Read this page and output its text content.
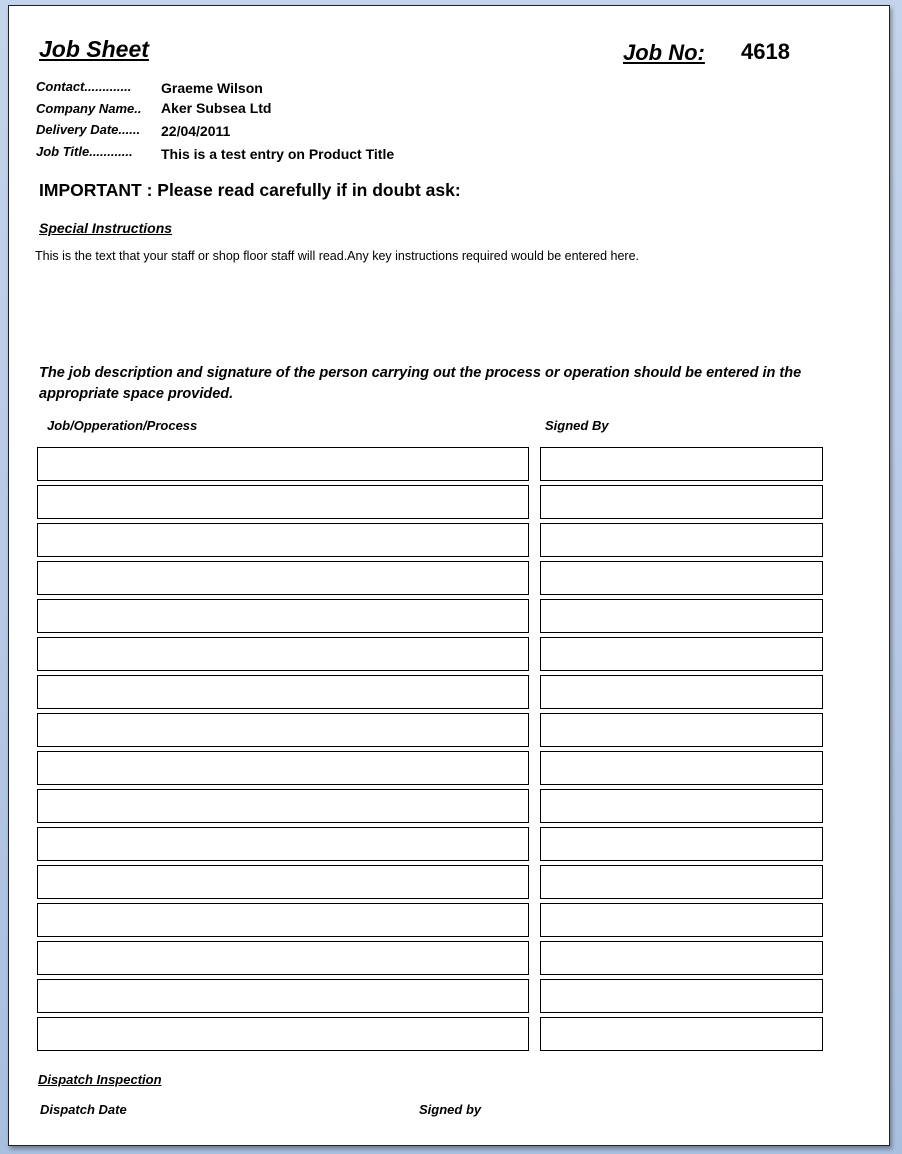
Job Sheet	Job No: 4618
Contact............. Graeme Wilson
Company Name.. Aker Subsea Ltd
Delivery Date...... 22/04/2011
Job Title............ This is a test entry on Product Title
IMPORTANT : Please read carefully if in doubt ask:
Special Instructions
This is the text that your staff or shop floor staff will read.Any key instructions required would be entered here.
The job description and signature of the person carrying out the process or operation should be entered in the appropriate space provided.
Job/Opperation/Process	Signed By
Dispatch Inspection
Dispatch Date	Signed by
